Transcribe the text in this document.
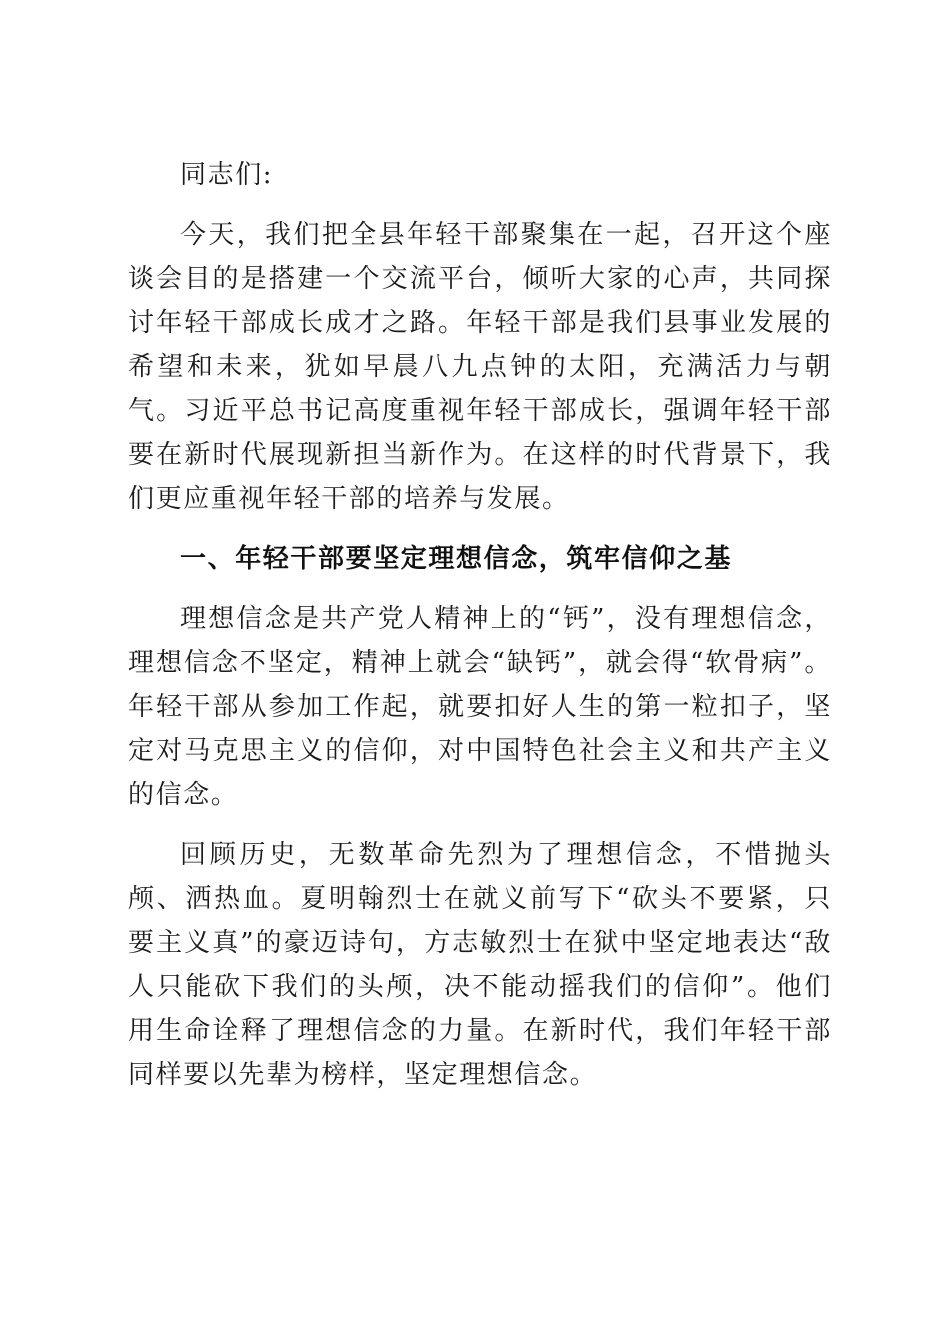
同志们:

今天，我们把全县年轻干部聚集在一起，召开这个座谈会目的是搭建一个交流平台，倾听大家的心声，共同探讨年轻干部成长成才之路。年轻干部是我们县事业发展的希望和未来，犹如早晨八九点钟的太阳，充满活力与朝气。习近平总书记高度重视年轻干部成长，强调年轻干部要在新时代展现新担当新作为。在这样的时代背景下，我们更应重视年轻干部的培养与发展。

一、年轻干部要坚定理想信念，筑牢信仰之基

理想信念是共产党人精神上的“钙”，没有理想信念，理想信念不坚定，精神上就会“缺钙”，就会得“软骨病”。年轻干部从参加工作起，就要扣好人生的第一粒扣子，坚定对马克思主义的信仰，对中国特色社会主义和共产主义的信念。

回顾历史，无数革命先烈为了理想信念，不惜抛头颅、洒热血。夏明翰烈士在就义前写下“砍头不要紧，只要主义真”的豪迈诗句，方志敏烈士在狱中坚定地表达“敌人只能砍下我们的头颅，决不能动摇我们的信仰”。他们用生命诠释了理想信念的力量。在新时代，我们年轻干部同样要以先辈为榜样，坚定理想信念。
